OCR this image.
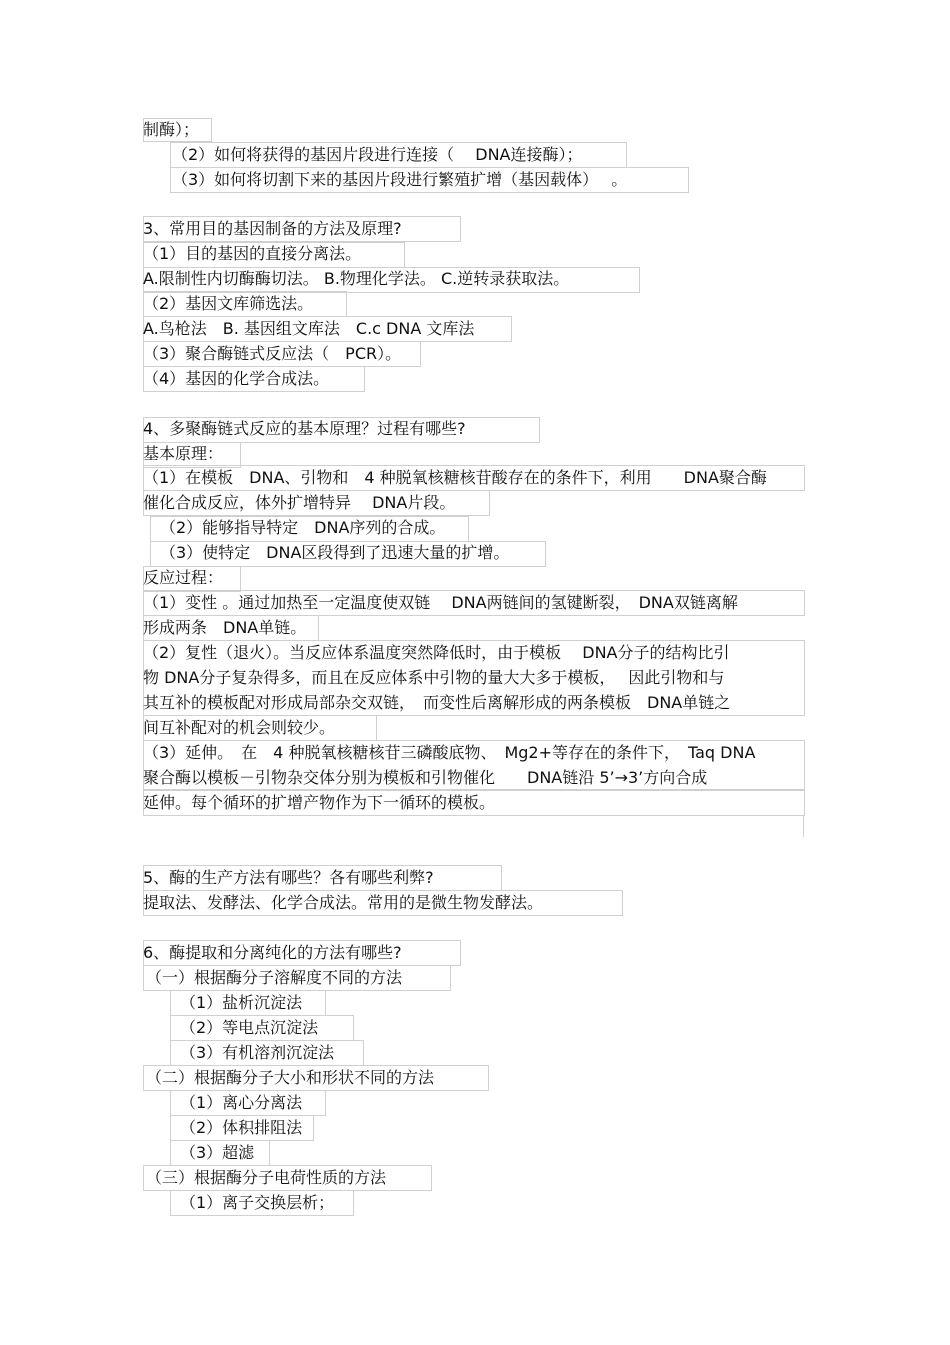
制酶）；
（2）如何将获得的基因片段进行连接（　 DNA连接酶）；
（3）如何将切割下来的基因片段进行繁殖扩增（基因载体）　 。
3、常用目的基因制备的方法及原理?
（1）目的基因的直接分离法。
A.限制性内切酶酶切法。 B.物理化学法。 C.逆转录获取法。
（2）基因文库筛选法。
A.鸟枪法　B. 基因组文库法　C.c DNA 文库法
（3）聚合酶链式反应法（　PCR）。
（4）基因的化学合成法。
4、多聚酶链式反应的基本原理？过程有哪些?
基本原理：
（1）在模板　DNA、引物和　4 种脱氧核糖核苷酸存在的条件下，利用　　DNA聚合酶
催化合成反应，体外扩增特异　 DNA片段。
（2）能够指导特定　DNA序列的合成。
（3）使特定　DNA区段得到了迅速大量的扩增。
反应过程：
（1）变性 。通过加热至一定温度使双链　 DNA两链间的氢键断裂，　DNA双链离解
形成两条　DNA单链。
（2）复性（退火）。当反应体系温度突然降低时，由于模板　 DNA分子的结构比引
物 DNA分子复杂得多，而且在反应体系中引物的量大大多于模板，　 因此引物和与
其互补的模板配对形成局部杂交双链，　而变性后离解形成的两条模板　DNA单链之
间互补配对的机会则较少。
（3）延伸。　在　4 种脱氧核糖核苷三磷酸底物、　Mg2+等存在的条件下，　Taq DNA
聚合酶以模板－引物杂交体分别为模板和引物催化　　DNA链沿 5’→3’方向合成
延伸。每个循环的扩增产物作为下一循环的模板。
5、酶的生产方法有哪些？各有哪些利弊?
提取法、发酵法、化学合成法。常用的是微生物发酵法。
6、酶提取和分离纯化的方法有哪些?
（一）根据酶分子溶解度不同的方法
（1）盐析沉淀法
（2）等电点沉淀法
（3）有机溶剂沉淀法
（二）根据酶分子大小和形状不同的方法
（1）离心分离法
（2）体积排阻法
（3）超滤
（三）根据酶分子电荷性质的方法
（1）离子交换层析；
